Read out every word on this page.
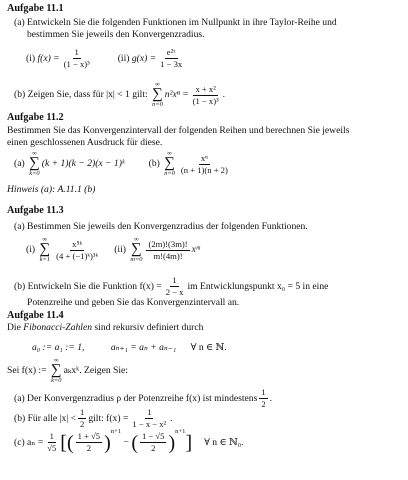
Aufgabe 11.1
(a) Entwickeln Sie die folgenden Funktionen im Nullpunkt in ihre Taylor-Reihe und
bestimmen Sie jeweils den Konvergenzradius.
(i)
$f(x) = \frac{1}{\text{(1 − x)³}}$	(ii)
$g(x) = \frac{\text{e²ˣ}}{1 - 3x}$
(b) Zeigen Sie, dass für |x| < 1 gilt:

∞
∑
n=0
$n^2x^n = \frac{\text{x + x²}}{\text{(1 − x)³}}$ .
Aufgabe 11.2
Bestimmen Sie das Konvergenzintervall der folgenden Reihen und berechnen Sie jeweils
einen geschlossenen Ausdruck für diese.
(a)

∞
∑
k=0
(k + 1)(k − 2)(x − 1)ᵏ	(b)

∞
∑
$n=0 \frac{\text{xⁿ}}{(n + 1)(n + 2)}$
Hinweis (a): A.11.1 (b)
Aufgabe 11.3
(a) Bestimmen Sie jeweils den Konvergenzradius der folgenden Funktionen.
(i)

∞
∑
$k=1 \frac{\text{x⁵ᵏ}}{\text{(4 + (−1)ᵏ)³ᵏ}} (ii)$

∞
∑
$m=0 \frac{(2m)!(3m)!}{m!(4m)!}$ xᵐ
(b) Entwickeln Sie die Funktion $f(x) = \frac{1}{2 - x}$ im Entwicklungspunkt x₀ = 5 in eine
Potenzreihe und geben Sie das Konvergenzintervall an.
Aufgabe 11.4
Die Fibonacci-Zahlen sind rekursiv definiert durch
a₀ := a₁ := 1,	aₙ₊₁ = aₙ + aₙ₋₁ ∀ n ∈ ℕ.
Sei f(x) :=

∞
∑
k=0
aₖxᵏ. Zeigen Sie:
(a) Der Konvergenzradius ρ der Potenzreihe f(x) ist mindestens $\frac{1}{2}$ .
(b) Für alle $|x| < \frac{1}{2}$ gilt: $f(x) = \frac{1}{\text{1 − x − x²}}$ .
(c) $a_n = \frac{1}{√5}$ [ ( $\frac{1 + √5}{2}$ )
n+1

−
( $\frac{1 - √5}{2}$ )
n+1
] ∀ n ∈ ℕ₀.
